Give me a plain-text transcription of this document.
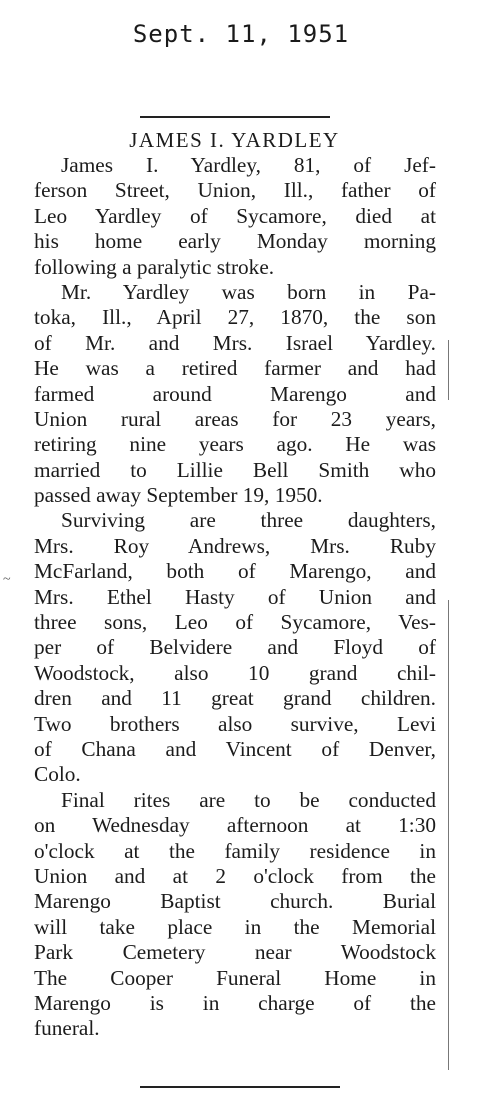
Sept. 11, 1951
JAMES I. YARDLEY
James I. Yardley, 81, of Jef-
ferson Street, Union, Ill., father of
Leo Yardley of Sycamore, died at
his home early Monday morning
following a paralytic stroke.
Mr. Yardley was born in Pa-
toka, Ill., April 27, 1870, the son
of Mr. and Mrs. Israel Yardley.
He was a retired farmer and had
farmed around Marengo and
Union rural areas for 23 years,
retiring nine years ago. He was
married to Lillie Bell Smith who
passed away September 19, 1950.
Surviving are three daughters,
Mrs. Roy Andrews, Mrs. Ruby
McFarland, both of Marengo, and
Mrs. Ethel Hasty of Union and
three sons, Leo of Sycamore, Ves-
per of Belvidere and Floyd of
Woodstock, also 10 grand chil-
dren and 11 great grand children.
Two brothers also survive, Levi
of Chana and Vincent of Denver,
Colo.
Final rites are to be conducted
on Wednesday afternoon at 1:30
o'clock at the family residence in
Union and at 2 o'clock from the
Marengo Baptist church. Burial
will take place in the Memorial
Park Cemetery near Woodstock
The Cooper Funeral Home in
Marengo is in charge of the
funeral.
~
